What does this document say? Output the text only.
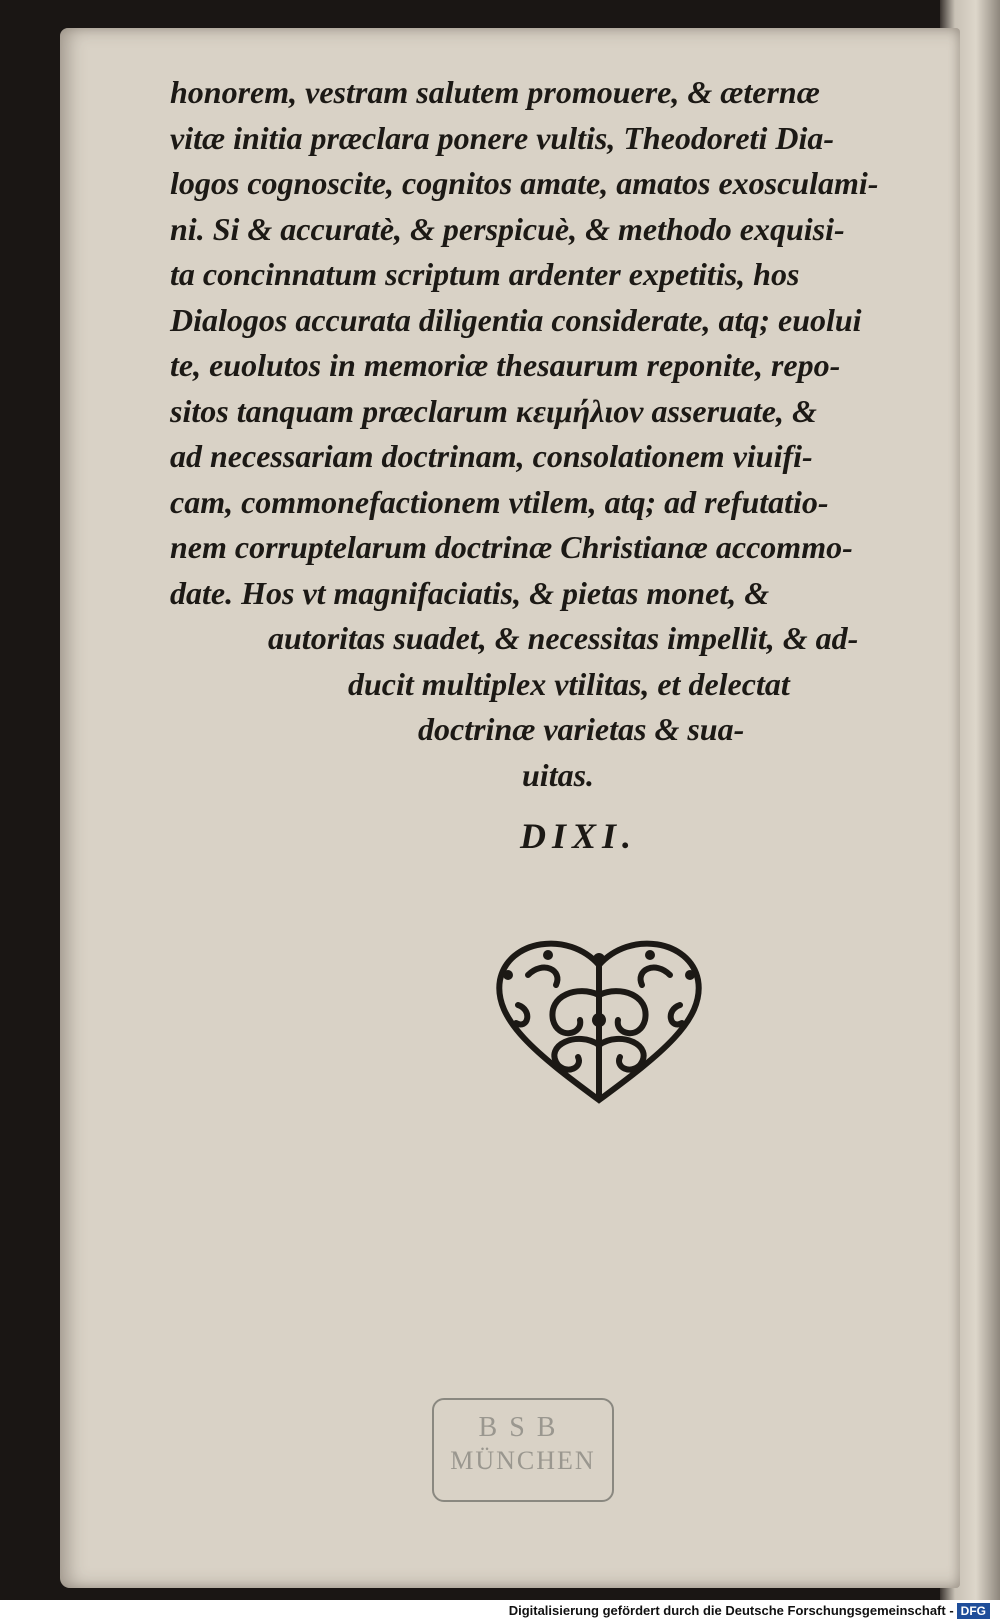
honorem, vestram salutem promouere, & æternæ
vitæ initia præclara ponere vultis, Theodoreti Dia-
logos cognoscite, cognitos amate, amatos exosculami-
ni. Si & accuratè, & perspicuè, & methodo exquisi-
ta concinnatum scriptum ardenter expetitis, hos
Dialogos accurata diligentia considerate, atq; euolui
te, euolutos in memoriæ thesaurum reponite, repo-
sitos tanquam præclarum κειμήλιον asseruate, &
ad necessariam doctrinam, consolationem viuifi-
cam, commonefactionem vtilem, atq; ad refutatio-
nem corruptelarum doctrinæ Christianæ accommo-
date. Hos vt magnifaciatis, & pietas monet, &
autoritas suadet, & necessitas impellit, & ad-
ducit multiplex vtilitas, et delectat
doctrinæ varietas & sua-
uitas.
DIXI.
BSB
MÜNCHEN
Digitalisierung gefördert durch die Deutsche Forschungsgemeinschaft - DFG
